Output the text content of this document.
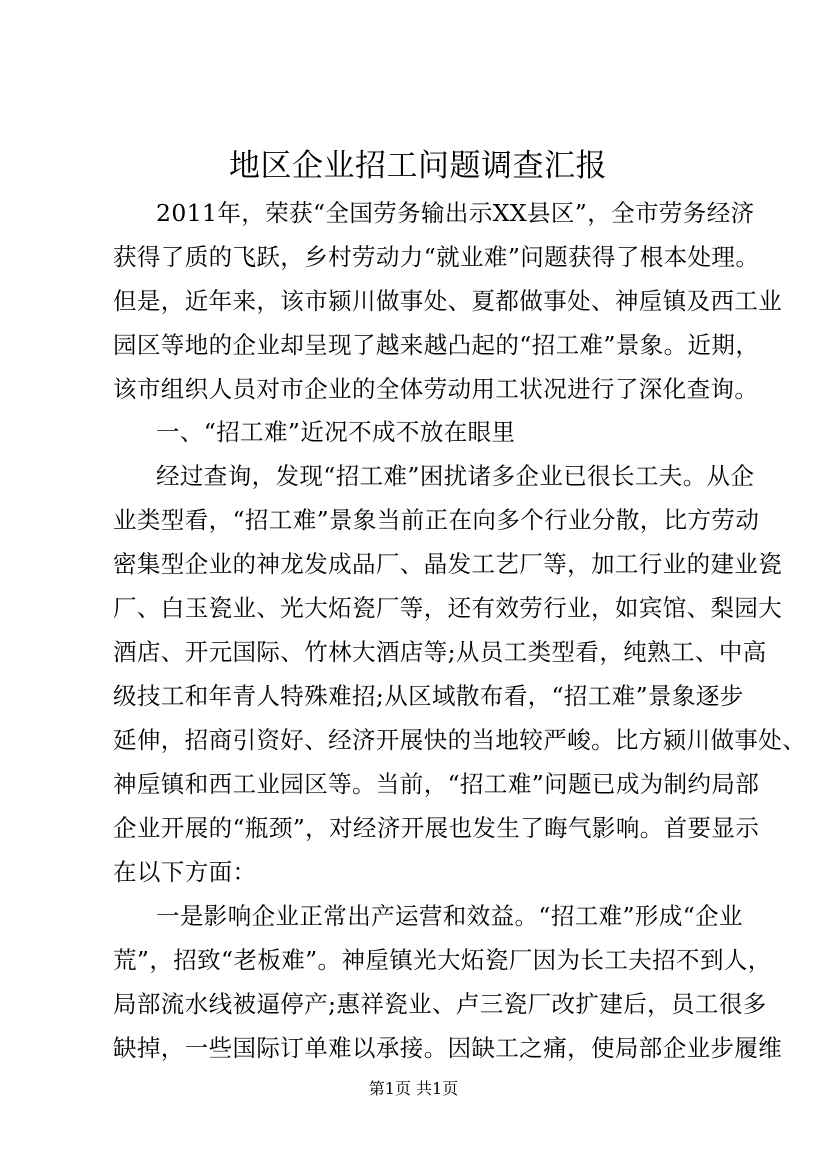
地区企业招工问题调查汇报
2011年，荣获“全国劳务输出示XX县区”，全市劳务经济
获得了质的飞跃，乡村劳动力“就业难”问题获得了根本处理。
但是，近年来，该市颍川做事处、夏都做事处、神垕镇及西工业
园区等地的企业却呈现了越来越凸起的“招工难”景象。近期，
该市组织人员对市企业的全体劳动用工状况进行了深化查询。
一、“招工难”近况不成不放在眼里
经过查询，发现“招工难”困扰诸多企业已很长工夫。从企
业类型看，“招工难”景象当前正在向多个行业分散，比方劳动
密集型企业的神龙发成品厂、晶发工艺厂等，加工行业的建业瓷
厂、白玉瓷业、光大炻瓷厂等，还有效劳行业，如宾馆、梨园大
酒店、开元国际、竹林大酒店等;从员工类型看，纯熟工、中高
级技工和年青人特殊难招;从区域散布看，“招工难”景象逐步
延伸，招商引资好、经济开展快的当地较严峻。比方颍川做事处、
神垕镇和西工业园区等。当前，“招工难”问题已成为制约局部
企业开展的“瓶颈”，对经济开展也发生了晦气影响。首要显示
在以下方面：
一是影响企业正常出产运营和效益。“招工难”形成“企业
荒”，招致“老板难”。神垕镇光大炻瓷厂因为长工夫招不到人，
局部流水线被逼停产;惠祥瓷业、卢三瓷厂改扩建后，员工很多
缺掉，一些国际订单难以承接。因缺工之痛，使局部企业步履维
第1页 共1页
